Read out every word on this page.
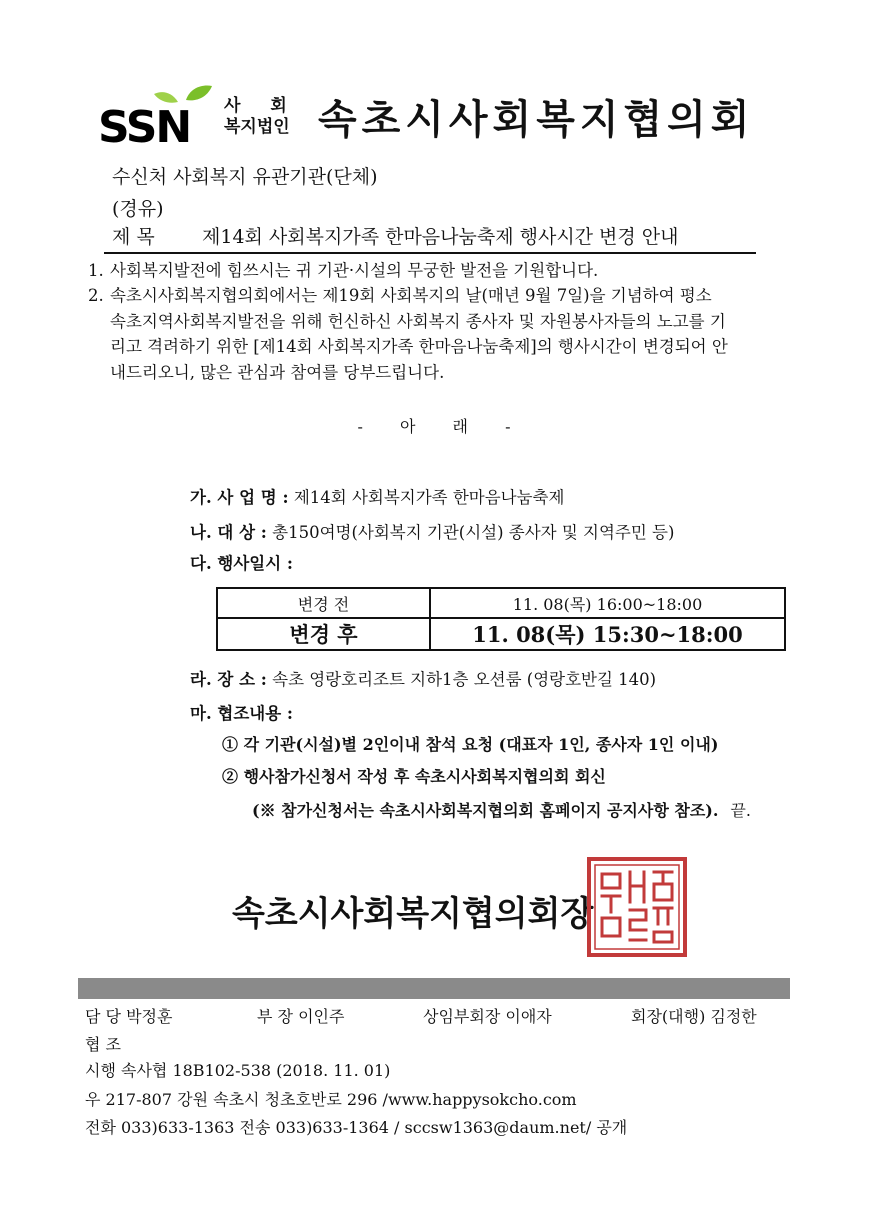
SSN 사회
복지법인 속초시사회복지협의회
수신처 사회복지 유관기관(단체)
(경유)
제 목 제14회 사회복지가족 한마음나눔축제 행사시간 변경 안내
1. 사회복지발전에 힘쓰시는 귀 기관·시설의 무궁한 발전을 기원합니다.
2. 속초시사회복지협의회에서는 제19회 사회복지의 날(매년 9월 7일)을 기념하여 평소
속초지역사회복지발전을 위해 헌신하신 사회복지 종사자 및 자원봉사자들의 노고를 기
리고 격려하기 위한 [제14회 사회복지가족 한마음나눔축제]의 행사시간이 변경되어 안
내드리오니, 많은 관심과 참여를 당부드립니다.
- 아 래 -
가. 사 업 명 : 제14회 사회복지가족 한마음나눔축제
나. 대 상 : 총150여명(사회복지 기관(시설) 종사자 및 지역주민 등)
다. 행사일시 :
변경 전	11. 08(목) 16:00~18:00
변경 후	11. 08(목) 15:30~18:00
라. 장 소 : 속초 영랑호리조트 지하1층 오션룸 (영랑호반길 140)
마. 협조내용 :
① 각 기관(시설)별 2인이내 참석 요청 (대표자 1인, 종사자 1인 이내)
② 행사참가신청서 작성 후 속초시사회복지협의회 회신
(※ 참가신청서는 속초시사회복지협의회 홈페이지 공지사항 참조). 끝.
속초시사회복지협의회장
담 당 박정훈	부 장 이인주	상임부회장 이애자	회장(대행) 김정한
협 조
시행 속사협 18B102-538 (2018. 11. 01)
우 217-807 강원 속초시 청초호반로 296 /www.happysokcho.com
전화 033)633-1363 전송 033)633-1364 / sccsw1363@daum.net/ 공개
